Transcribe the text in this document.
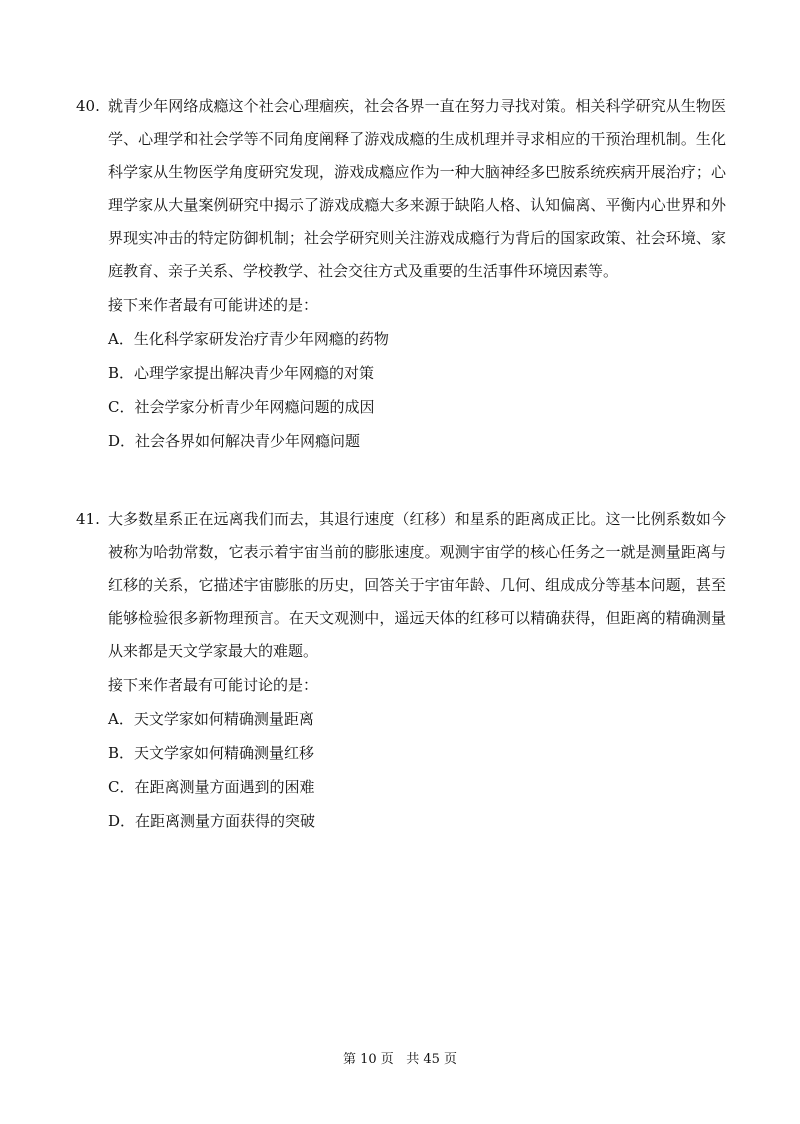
40. 就青少年网络成瘾这个社会心理痼疾，社会各界一直在努力寻找对策。相关科学研究从生物医学、心理学和社会学等不同角度阐释了游戏成瘾的生成机理并寻求相应的干预治理机制。生化科学家从生物医学角度研究发现，游戏成瘾应作为一种大脑神经多巴胺系统疾病开展治疗；心理学家从大量案例研究中揭示了游戏成瘾大多来源于缺陷人格、认知偏离、平衡内心世界和外界现实冲击的特定防御机制；社会学研究则关注游戏成瘾行为背后的国家政策、社会环境、家庭教育、亲子关系、学校教学、社会交往方式及重要的生活事件环境因素等。
接下来作者最有可能讲述的是：
A．生化科学家研发治疗青少年网瘾的药物
B．心理学家提出解决青少年网瘾的对策
C．社会学家分析青少年网瘾问题的成因
D．社会各界如何解决青少年网瘾问题
41. 大多数星系正在远离我们而去，其退行速度（红移）和星系的距离成正比。这一比例系数如今被称为哈勃常数，它表示着宇宙当前的膨胀速度。观测宇宙学的核心任务之一就是测量距离与红移的关系，它描述宇宙膨胀的历史，回答关于宇宙年龄、几何、组成成分等基本问题，甚至能够检验很多新物理预言。在天文观测中，遥远天体的红移可以精确获得，但距离的精确测量从来都是天文学家最大的难题。
接下来作者最有可能讨论的是：
A．天文学家如何精确测量距离
B．天文学家如何精确测量红移
C．在距离测量方面遇到的困难
D．在距离测量方面获得的突破
第 10 页 共 45 页
